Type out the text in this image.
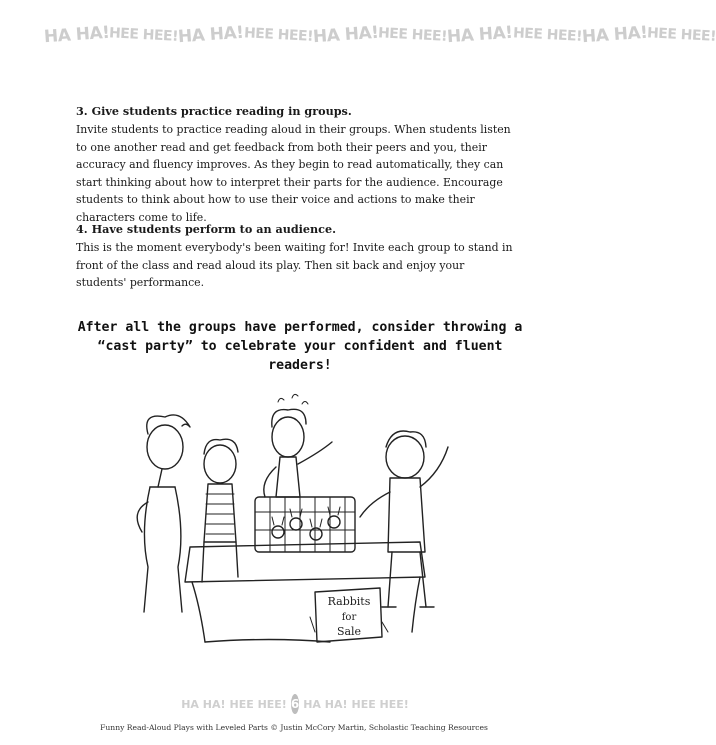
HA HA! HEE HEE! HA HA! HEE HEE! HA HA! HEE HEE! HA HA! HEE HEE! HA HA! HEE HEE!
3. Give students practice reading in groups.

Invite students to practice reading aloud in their groups. When students listen to one another read and get feedback from both their peers and you, their accuracy and fluency improves. As they begin to read automatically, they can start thinking about how to interpret their parts for the audience. Encourage students to think about how to use their voice and actions to make their characters come to life.

4. Have students perform to an audience.

This is the moment everybody's been waiting for! Invite each group to stand in front of the class and read aloud its play. Then sit back and enjoy your students' performance.

After all the groups have performed, consider throwing a
“cast party” to celebrate your confident and fluent readers!
Rabbits
for
Sale
HA HA! HEE HEE! 6 HA HA! HEE HEE!
Funny Read-Aloud Plays with Leveled Parts © Justin McCory Martin, Scholastic Teaching Resources
